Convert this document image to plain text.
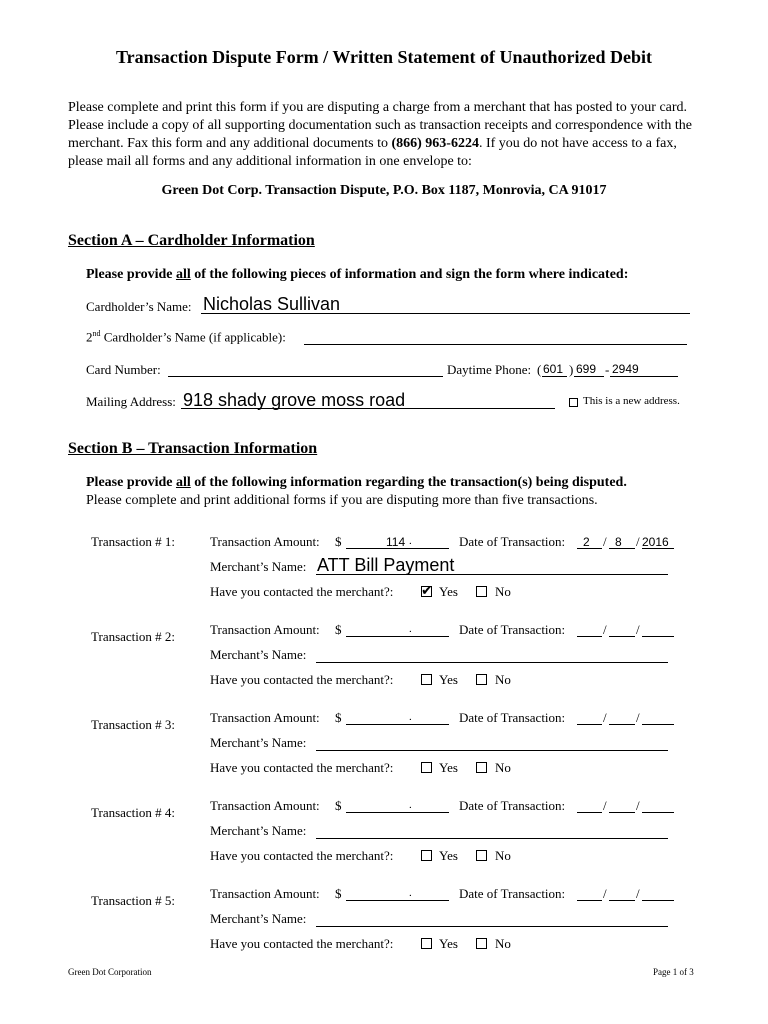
Transaction Dispute Form / Written Statement of Unauthorized Debit
Please complete and print this form if you are disputing a charge from a merchant that has posted to your card. Please include a copy of all supporting documentation such as transaction receipts and correspondence with the merchant. Fax this form and any additional documents to (866) 963-6224. If you do not have access to a fax, please mail all forms and any additional information in one envelope to:
Green Dot Corp. Transaction Dispute, P.O. Box 1187, Monrovia, CA 91017
Section A – Cardholder Information
Please provide all of the following pieces of information and sign the form where indicated:
Cardholder’s Name: Nicholas Sullivan
2nd Cardholder’s Name (if applicable):
Card Number:	Daytime Phone: ( 601 ) 699 - 2949
Mailing Address: 918 shady grove moss road	This is a new address.
Section B – Transaction Information
Please provide all of the following information regarding the transaction(s) being disputed.
Please complete and print additional forms if you are disputing more than five transactions.
Transaction # 1:	Transaction Amount: $	114 .	Date of Transaction: 2 / 8 / 2016
Merchant’s Name: ATT Bill Payment
Have you contacted the merchant?: ✔ Yes	No
Transaction # 2:	Transaction Amount: $	.	Date of Transaction:	/ /
Merchant’s Name:
Have you contacted the merchant?:	Yes	No
Transaction # 3:	Transaction Amount: $	.	Date of Transaction:	/ /
Merchant’s Name:
Have you contacted the merchant?:	Yes	No
Transaction # 4:	Transaction Amount: $	.	Date of Transaction:	/ /
Merchant’s Name:
Have you contacted the merchant?:	Yes	No
Transaction # 5:	Transaction Amount: $	.	Date of Transaction:	/ /
Merchant’s Name:
Have you contacted the merchant?:	Yes	No
Green Dot Corporation	Page 1 of 3
